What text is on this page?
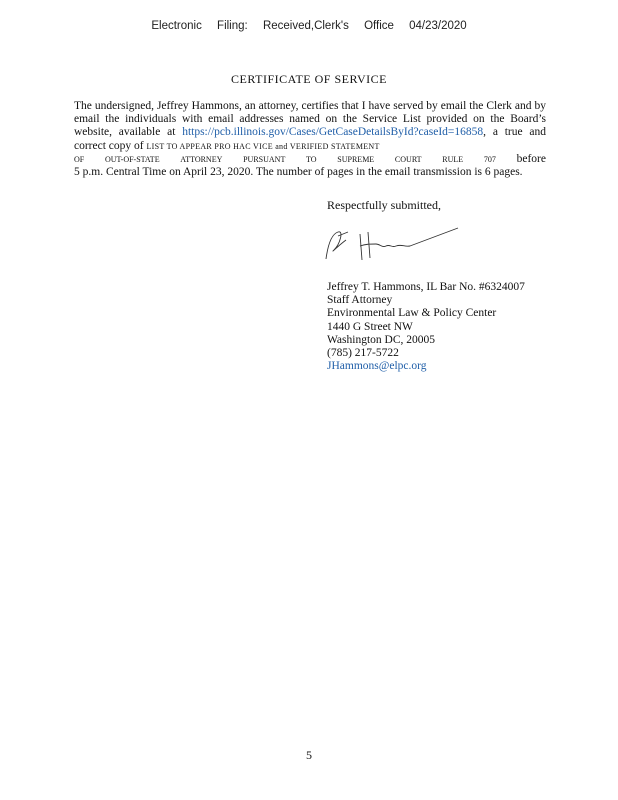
Electronic Filing: Received,Clerk's Office 04/23/2020
CERTIFICATE OF SERVICE
The undersigned, Jeffrey Hammons, an attorney, certifies that I have served by email the Clerk and by email the individuals with email addresses named on the Service List provided on the Board’s website, available at https://pcb.illinois.gov/Cases/GetCaseDetailsById?caseId=16858, a true and correct copy of LIST TO APPEAR PRO HAC VICE and VERIFIED STATEMENT
OF	OUT-OF-STATE	ATTORNEY	PURSUANT	TO	SUPREME	COURT	RULE	707 before
5 p.m. Central Time on April 23, 2020. The number of pages in the email transmission is 6 pages.
Respectfully submitted,
Jeffrey T. Hammons, IL Bar No. #6324007
Staff Attorney
Environmental Law & Policy Center
1440 G Street NW
Washington DC, 20005
(785) 217-5722
JHammons@elpc.org
5
